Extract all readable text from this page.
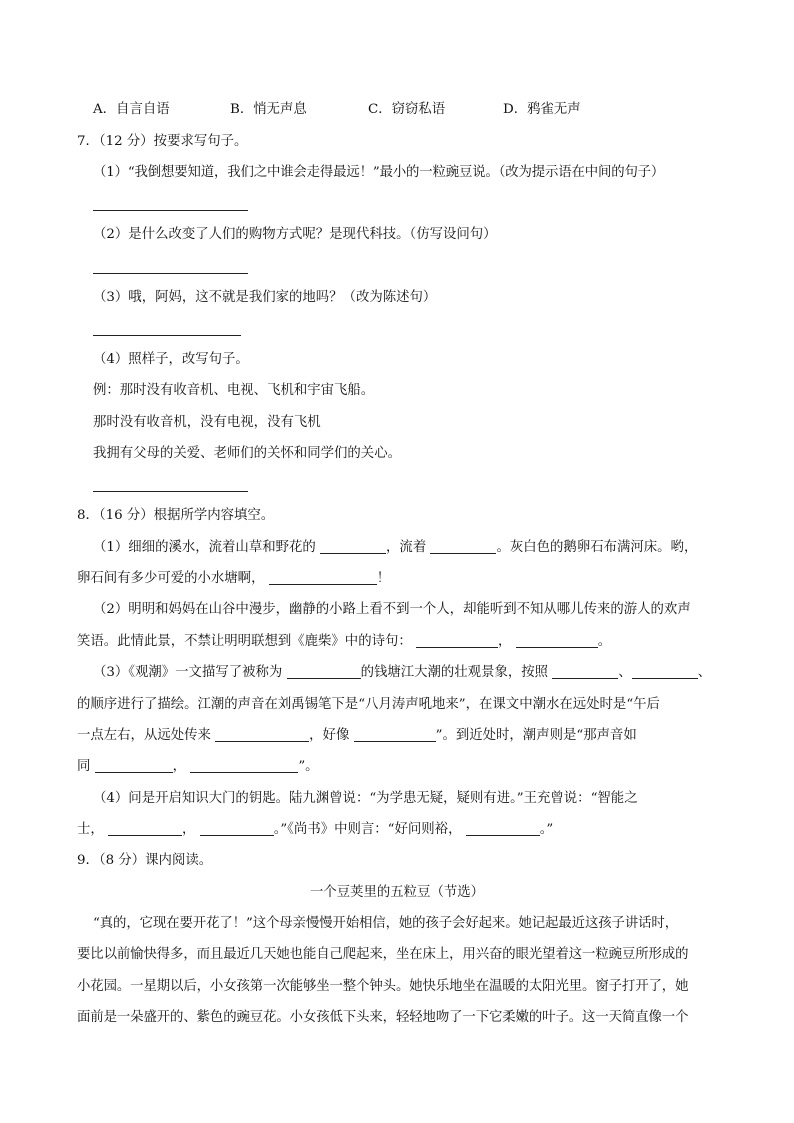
A．自言自语	B．悄无声息	C．窃窃私语	D．鸦雀无声
7．（12 分）按要求写句子。
（1）“我倒想要知道，我们之中谁会走得最远！”最小的一粒豌豆说。（改为提示语在中间的句子）
（2）是什么改变了人们的购物方式呢？是现代科技。（仿写设问句）
（3）哦，阿妈，这不就是我们家的地吗？（改为陈述句）
（4）照样子，改写句子。
例：那时没有收音机、电视、飞机和宇宙飞船。
那时没有收音机，没有电视，没有飞机
我拥有父母的关爱、老师们的关怀和同学们的关心。
8．（16 分）根据所学内容填空。
（1）细细的溪水，流着山草和野花的	，流着	。灰白色的鹅卵石布满河床。哟，
卵石间有多少可爱的小水塘啊，	！
（2）明明和妈妈在山谷中漫步，幽静的小路上看不到一个人，却能听到不知从哪儿传来的游人的欢声
笑语。此情此景，不禁让明明联想到《鹿柴》中的诗句：	，	。
（3）《观潮》一文描写了被称为	的钱塘江大潮的壮观景象，按照	、	、
的顺序进行了描绘。江潮的声音在刘禹锡笔下是“八月涛声吼地来”，在课文中潮水在远处时是“午后
一点左右，从远处传来	，好像	”。到近处时，潮声则是“那声音如
同	，	”。
（4）问是开启知识大门的钥匙。陆九渊曾说：“为学患无疑，疑则有进。”王充曾说：“智能之
士，	，	。”《尚书》中则言：“好问则裕，	。”
9．（8 分）课内阅读。
一个豆荚里的五粒豆（节选）
“真的，它现在要开花了！”这个母亲慢慢开始相信，她的孩子会好起来。她记起最近这孩子讲话时，
要比以前愉快得多，而且最近几天她也能自己爬起来，坐在床上，用兴奋的眼光望着这一粒豌豆所形成的
小花园。一星期以后，小女孩第一次能够坐一整个钟头。她快乐地坐在温暖的太阳光里。窗子打开了，她
面前是一朵盛开的、紫色的豌豆花。小女孩低下头来，轻轻地吻了一下它柔嫩的叶子。这一天简直像一个
